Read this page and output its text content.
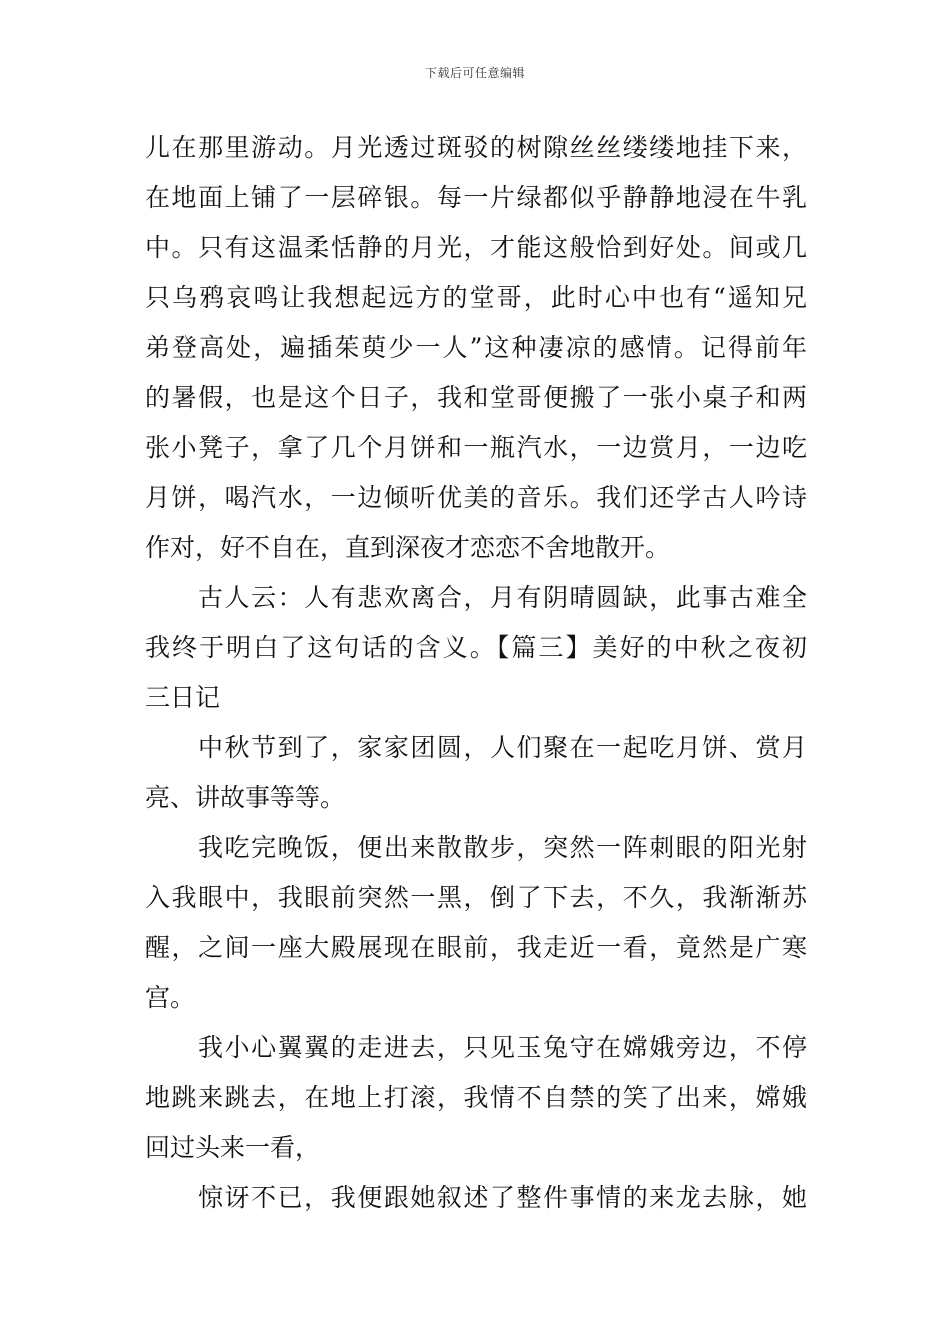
下载后可任意编辑
儿在那里游动。月光透过斑驳的树隙丝丝缕缕地挂下来，
在地面上铺了一层碎银。每一片绿都似乎静静地浸在牛乳
中。只有这温柔恬静的月光，才能这般恰到好处。间或几
只乌鸦哀鸣让我想起远方的堂哥，此时心中也有“遥知兄
弟登高处，遍插茱萸少一人”这种凄凉的感情。记得前年
的暑假，也是这个日子，我和堂哥便搬了一张小桌子和两
张小凳子，拿了几个月饼和一瓶汽水，一边赏月，一边吃
月饼，喝汽水，一边倾听优美的音乐。我们还学古人吟诗
作对，好不自在，直到深夜才恋恋不舍地散开。
古人云：人有悲欢离合，月有阴晴圆缺，此事古难全
我终于明白了这句话的含义。【篇三】美好的中秋之夜初
三日记
中秋节到了，家家团圆，人们聚在一起吃月饼、赏月
亮、讲故事等等。
我吃完晚饭，便出来散散步，突然一阵刺眼的阳光射
入我眼中，我眼前突然一黑，倒了下去，不久，我渐渐苏
醒，之间一座大殿展现在眼前，我走近一看，竟然是广寒
宫。
我小心翼翼的走进去，只见玉兔守在嫦娥旁边，不停
地跳来跳去，在地上打滚，我情不自禁的笑了出来，嫦娥
回过头来一看，
惊讶不已，我便跟她叙述了整件事情的来龙去脉，她
